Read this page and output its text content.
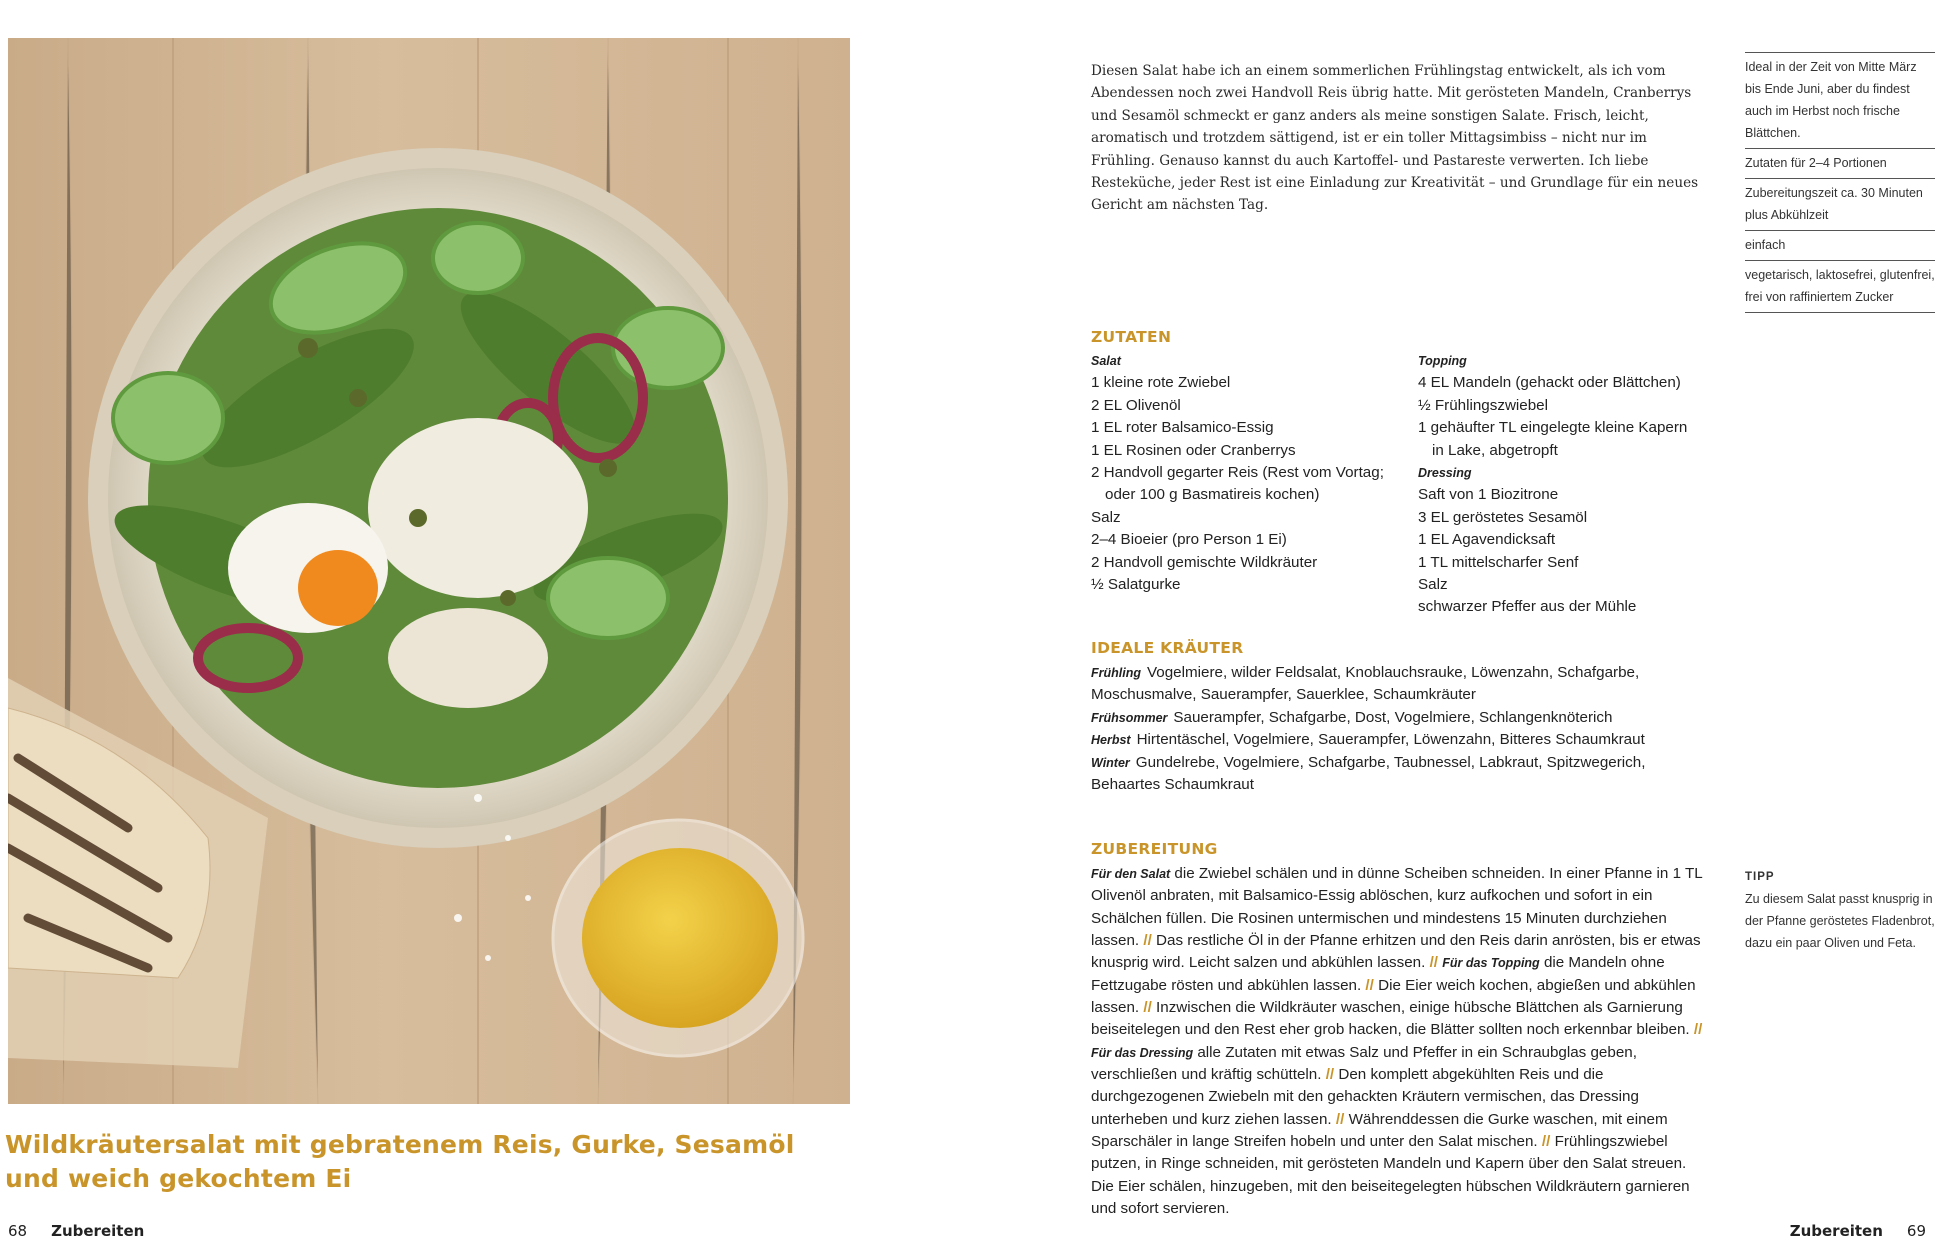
Wildkräutersalat mit gebratenem Reis, Gurke, Sesamöl und weich gekochtem Ei
68 Zubereiten	Zubereiten 69
Diesen Salat habe ich an einem sommerlichen Frühlingstag entwickelt, als ich vom Abendessen noch zwei Handvoll Reis übrig hatte. Mit gerösteten Mandeln, Cranberrys und Sesamöl schmeckt er ganz anders als meine sonstigen Salate. Frisch, leicht, aromatisch und trotzdem sättigend, ist er ein toller Mittagsimbiss – nicht nur im Frühling. Genauso kannst du auch Kartoffel- und Pastareste verwerten. Ich liebe Resteküche, jeder Rest ist eine Einladung zur Kreativität – und Grundlage für ein neues Gericht am nächsten Tag.
Ideal in der Zeit von Mitte März bis Ende Juni, aber du findest auch im Herbst noch frische Blättchen.
Zutaten für 2–4 Portionen
Zubereitungszeit ca. 30 Minuten plus Abkühlzeit
einfach
vegetarisch, laktosefrei, glutenfrei, frei von raffiniertem Zucker
ZUTATEN
Salat
1 kleine rote Zwiebel
2 EL Olivenöl
1 EL roter Balsamico-Essig
1 EL Rosinen oder Cranberrys
2 Handvoll gegarter Reis (Rest vom Vortag;
oder 100 g Basmatireis kochen)
Salz
2–4 Bioeier (pro Person 1 Ei)
2 Handvoll gemischte Wildkräuter
½ Salatgurke
Topping
4 EL Mandeln (gehackt oder Blättchen)
½ Frühlingszwiebel
1 gehäufter TL eingelegte kleine Kapern
in Lake, abgetropft
Dressing
Saft von 1 Biozitrone
3 EL geröstetes Sesamöl
1 EL Agavendicksaft
1 TL mittelscharfer Senf
Salz
schwarzer Pfeffer aus der Mühle
IDEALE KRÄUTER
Frühling Vogelmiere, wilder Feldsalat, Knoblauchsrauke, Löwenzahn, Schafgarbe, Moschusmalve, Sauerampfer, Sauerklee, Schaumkräuter
Frühsommer Sauerampfer, Schafgarbe, Dost, Vogelmiere, Schlangenknöterich
Herbst Hirtentäschel, Vogelmiere, Sauerampfer, Löwenzahn, Bitteres Schaumkraut
Winter Gundelrebe, Vogelmiere, Schafgarbe, Taubnessel, Labkraut, Spitzwegerich, Behaartes Schaumkraut
ZUBEREITUNG
Für den Salat die Zwiebel schälen und in dünne Scheiben schneiden. In einer Pfanne in 1 TL Olivenöl anbraten, mit Balsamico-Essig ablöschen, kurz aufkochen und sofort in ein Schälchen füllen. Die Rosinen untermischen und mindestens 15 Minuten durchziehen lassen. // Das restliche Öl in der Pfanne erhitzen und den Reis darin anrösten, bis er etwas knusprig wird. Leicht salzen und abkühlen lassen. // Für das Topping die Mandeln ohne Fettzugabe rösten und abkühlen lassen. // Die Eier weich kochen, abgießen und abkühlen lassen. // Inzwischen die Wildkräuter waschen, einige hübsche Blättchen als Garnierung beiseitelegen und den Rest eher grob hacken, die Blätter sollten noch erkennbar bleiben. // Für das Dressing alle Zutaten mit etwas Salz und Pfeffer in ein Schraubglas geben, verschließen und kräftig schütteln. // Den komplett abgekühlten Reis und die durchgezogenen Zwiebeln mit den gehackten Kräutern vermischen, das Dressing unterheben und kurz ziehen lassen. // Währenddessen die Gurke waschen, mit einem Sparschäler in lange Streifen hobeln und unter den Salat mischen. // Frühlingszwiebel putzen, in Ringe schneiden, mit gerösteten Mandeln und Kapern über den Salat streuen. Die Eier schälen, hinzugeben, mit den beiseitegelegten hübschen Wildkräutern garnieren und sofort servieren.
TIPP
Zu diesem Salat passt knusprig in der Pfanne geröstetes Fladenbrot, dazu ein paar Oliven und Feta.
